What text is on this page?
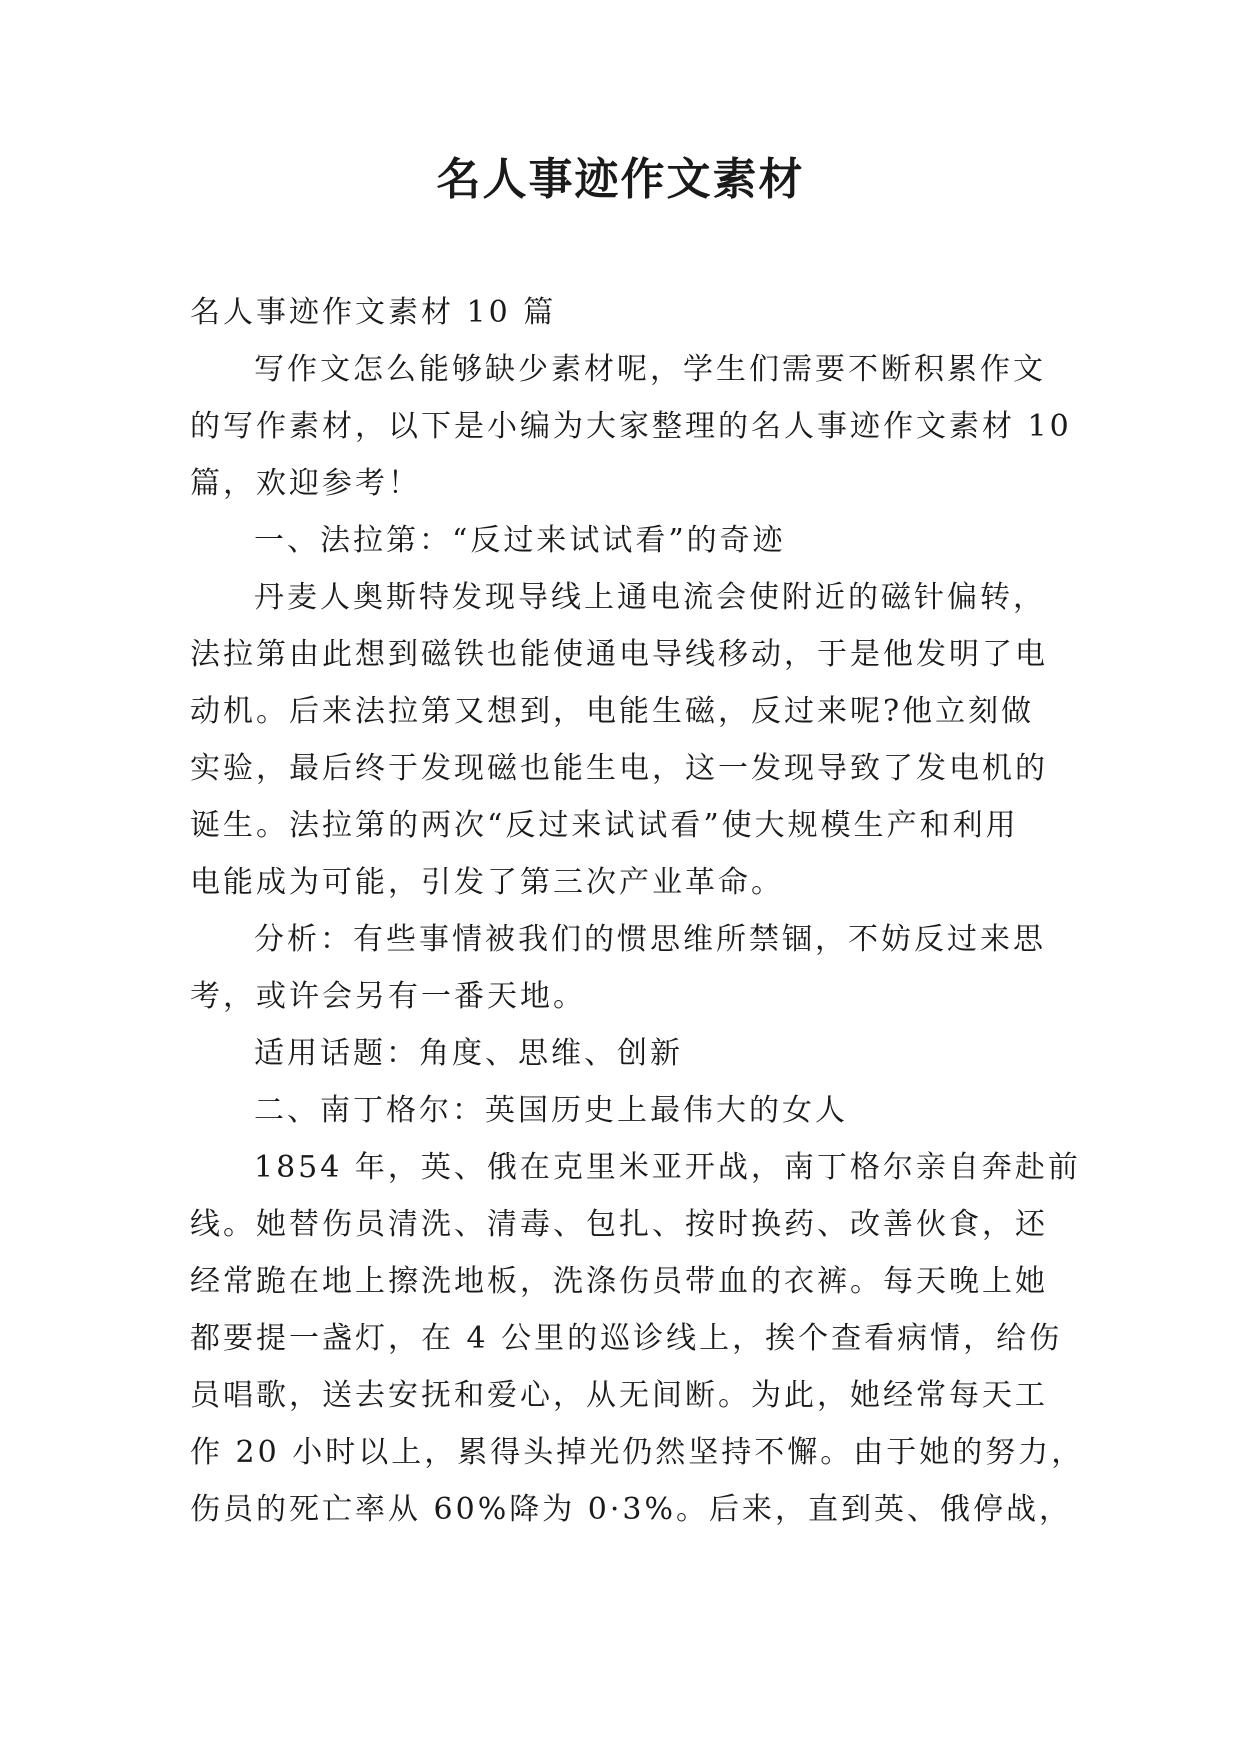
名人事迹作文素材
名人事迹作文素材 10 篇
写作文怎么能够缺少素材呢，学生们需要不断积累作文
的写作素材，以下是小编为大家整理的名人事迹作文素材 10
篇，欢迎参考！
一、法拉第：“反过来试试看”的奇迹
丹麦人奥斯特发现导线上通电流会使附近的磁针偏转，
法拉第由此想到磁铁也能使通电导线移动，于是他发明了电
动机。后来法拉第又想到，电能生磁，反过来呢?他立刻做
实验，最后终于发现磁也能生电，这一发现导致了发电机的
诞生。法拉第的两次“反过来试试看”使大规模生产和利用
电能成为可能，引发了第三次产业革命。
分析：有些事情被我们的惯思维所禁锢，不妨反过来思
考，或许会另有一番天地。
适用话题：角度、思维、创新
二、南丁格尔：英国历史上最伟大的女人
1854 年，英、俄在克里米亚开战，南丁格尔亲自奔赴前
线。她替伤员清洗、清毒、包扎、按时换药、改善伙食，还
经常跪在地上擦洗地板，洗涤伤员带血的衣裤。每天晚上她
都要提一盏灯，在 4 公里的巡诊线上，挨个查看病情，给伤
员唱歌，送去安抚和爱心，从无间断。为此，她经常每天工
作 20 小时以上，累得头掉光仍然坚持不懈。由于她的努力，
伤员的死亡率从 60%降为 0·3%。后来，直到英、俄停战，
